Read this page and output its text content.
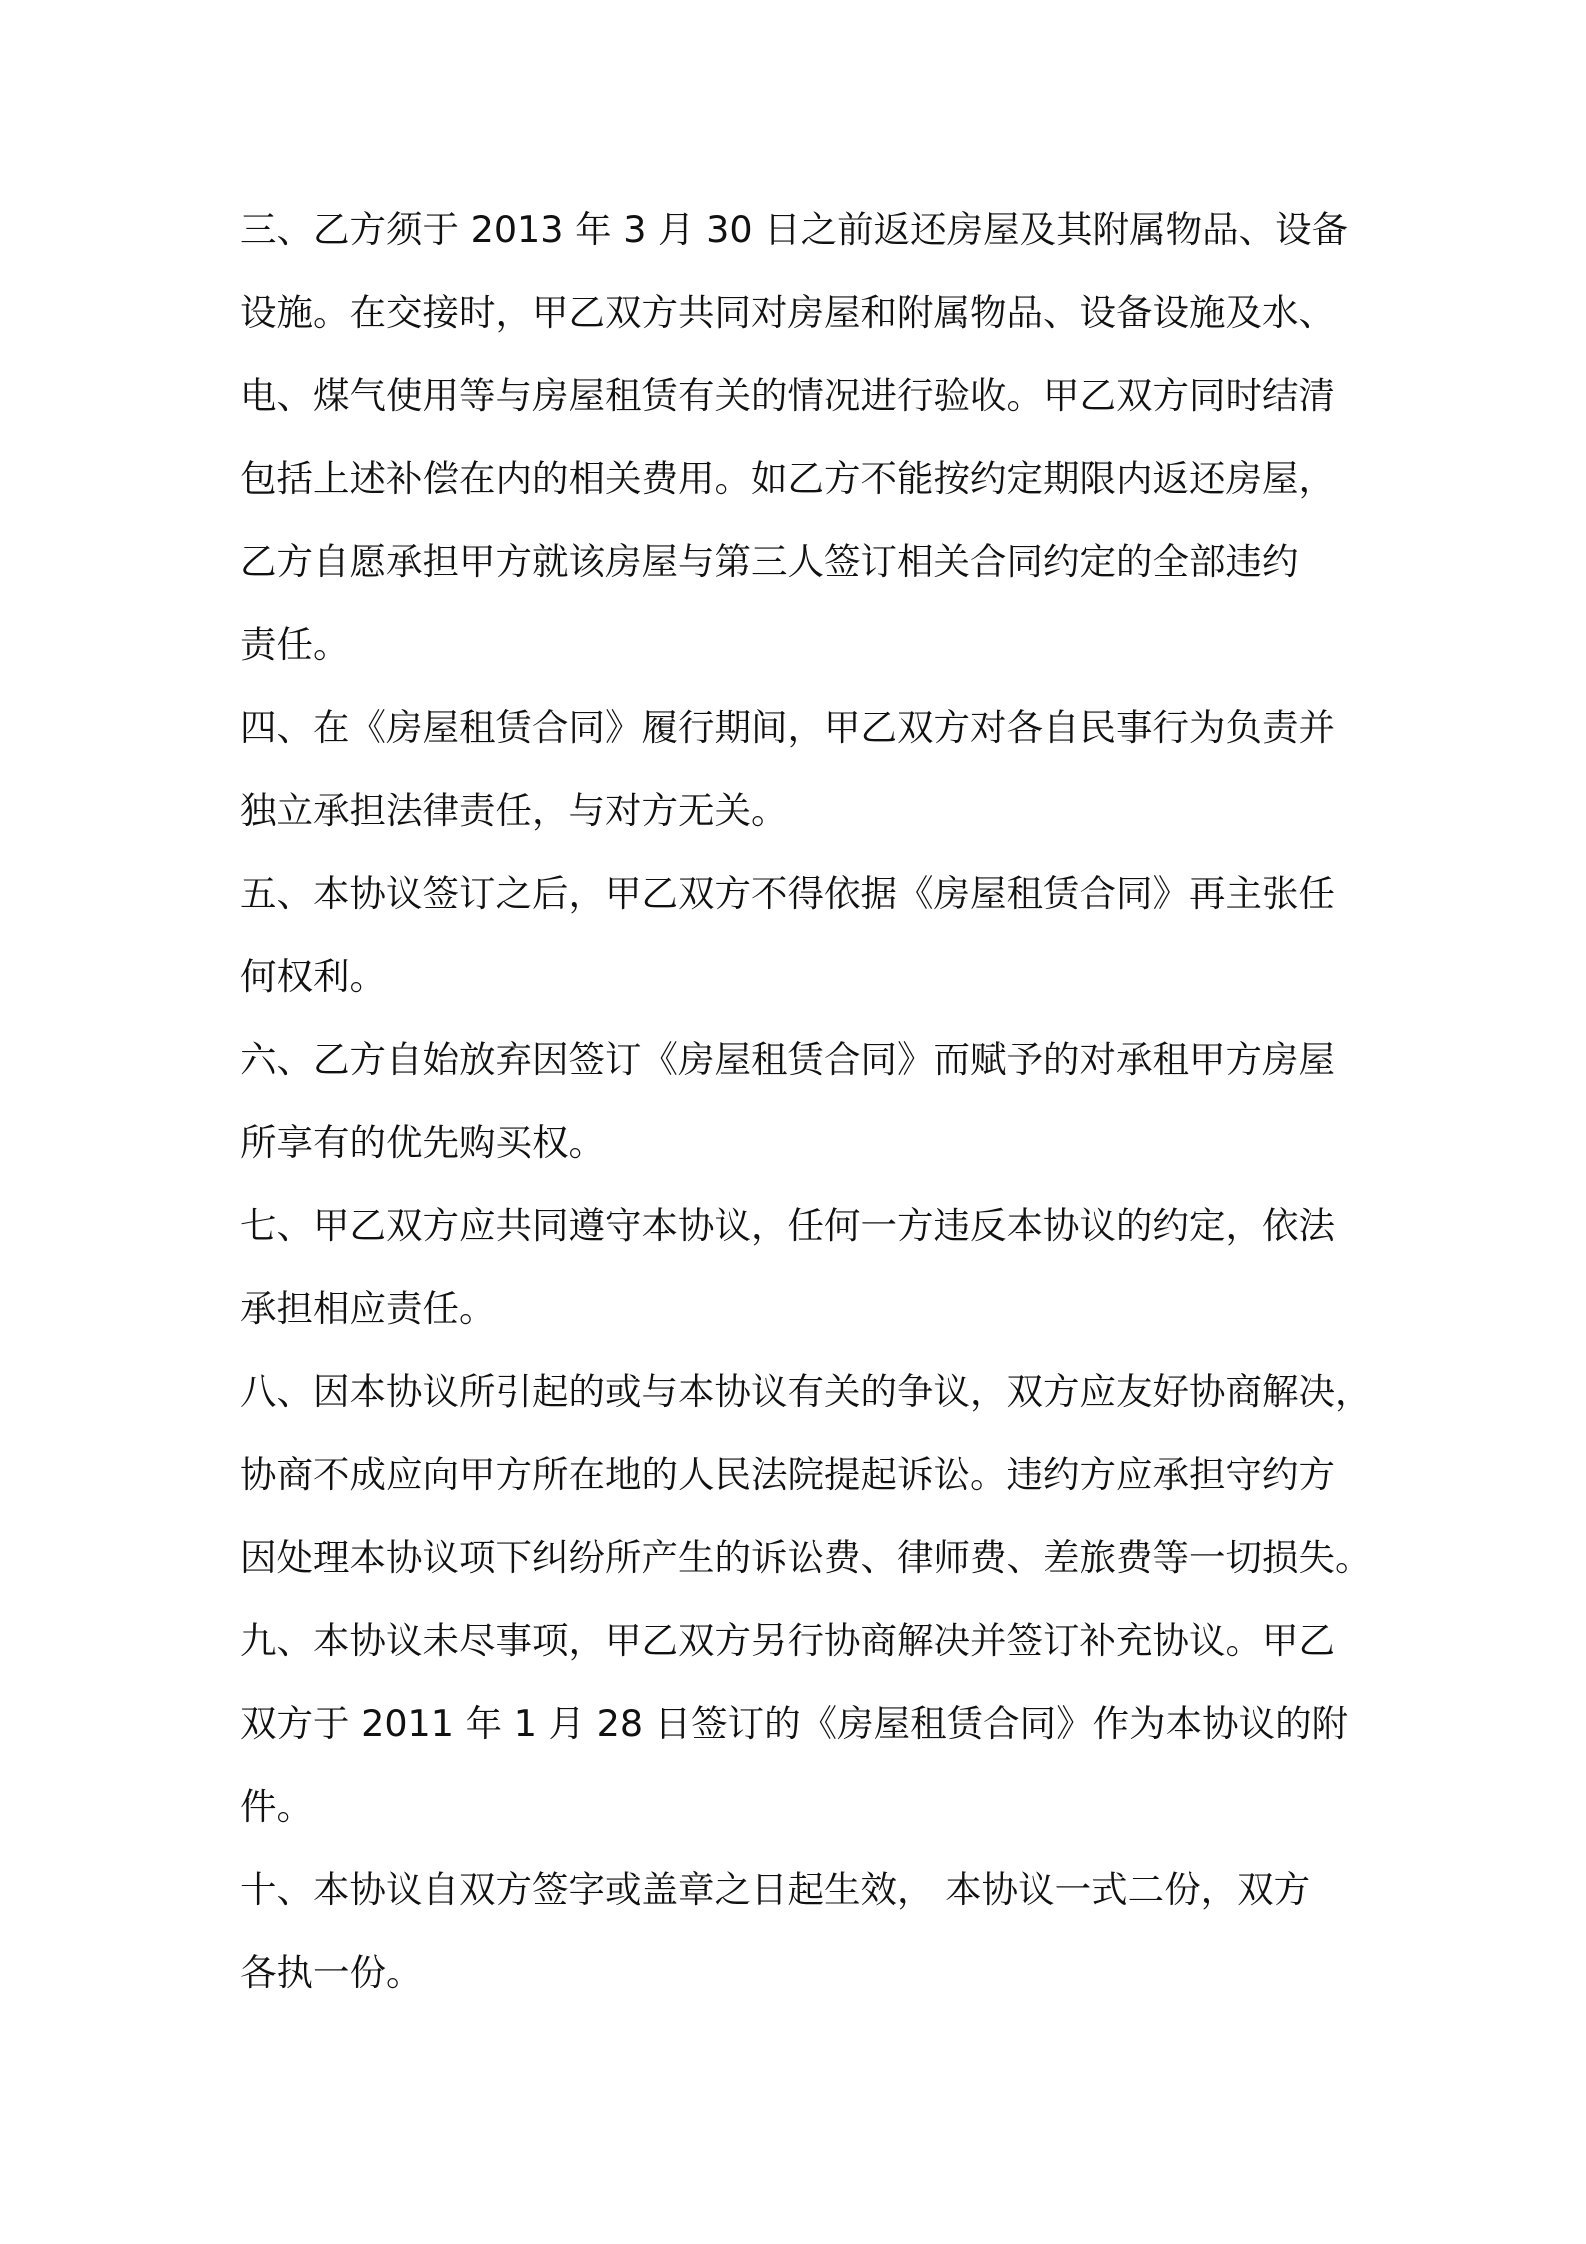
三、乙方须于 2013 年 3 月 30 日之前返还房屋及其附属物品、设备
设施。在交接时，甲乙双方共同对房屋和附属物品、设备设施及水、
电、煤气使用等与房屋租赁有关的情况进行验收。甲乙双方同时结清
包括上述补偿在内的相关费用。如乙方不能按约定期限内返还房屋，
乙方自愿承担甲方就该房屋与第三人签订相关合同约定的全部违约
责任。
四、在《房屋租赁合同》履行期间，甲乙双方对各自民事行为负责并
独立承担法律责任，与对方无关。
五、本协议签订之后，甲乙双方不得依据《房屋租赁合同》再主张任
何权利。
六、乙方自始放弃因签订《房屋租赁合同》而赋予的对承租甲方房屋
所享有的优先购买权。
七、甲乙双方应共同遵守本协议，任何一方违反本协议的约定，依法
承担相应责任。
八、因本协议所引起的或与本协议有关的争议，双方应友好协商解决，
协商不成应向甲方所在地的人民法院提起诉讼。违约方应承担守约方
因处理本协议项下纠纷所产生的诉讼费、律师费、差旅费等一切损失。
九、本协议未尽事项，甲乙双方另行协商解决并签订补充协议。甲乙
双方于 2011 年 1 月 28 日签订的《房屋租赁合同》作为本协议的附
件。
十、本协议自双方签字或盖章之日起生效， 本协议一式二份，双方
各执一份。
